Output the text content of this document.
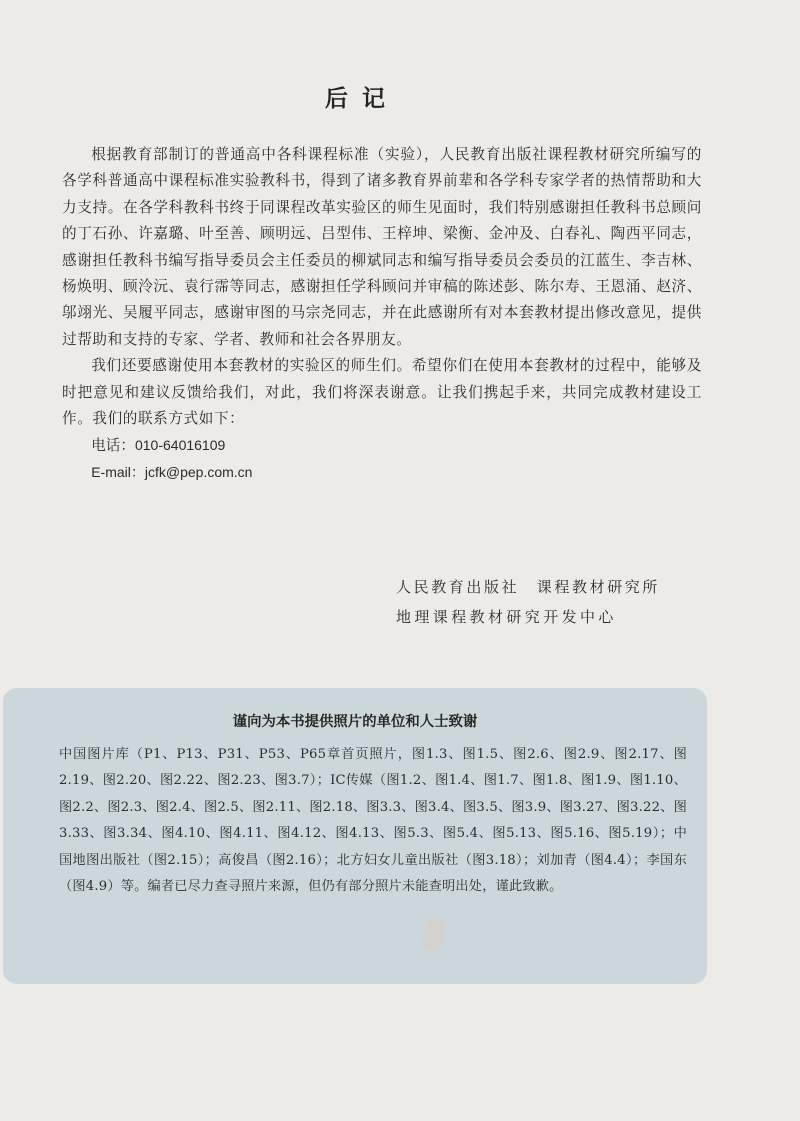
后记

根据教育部制订的普通高中各科课程标准（实验），人民教育出版社课程教材研究所编写的各学科普通高中课程标准实验教科书，得到了诸多教育界前辈和各学科专家学者的热情帮助和大力支持。在各学科教科书终于同课程改革实验区的师生见面时，我们特别感谢担任教科书总顾问的丁石孙、许嘉璐、叶至善、顾明远、吕型伟、王梓坤、梁衡、金冲及、白春礼、陶西平同志，感谢担任教科书编写指导委员会主任委员的柳斌同志和编写指导委员会委员的江蓝生、李吉林、杨焕明、顾泠沅、袁行霈等同志，感谢担任学科顾问并审稿的陈述彭、陈尔寿、王恩涌、赵济、邬翊光、吴履平同志，感谢审图的马宗尧同志，并在此感谢所有对本套教材提出修改意见，提供过帮助和支持的专家、学者、教师和社会各界朋友。

我们还要感谢使用本套教材的实验区的师生们。希望你们在使用本套教材的过程中，能够及时把意见和建议反馈给我们，对此，我们将深表谢意。让我们携起手来，共同完成教材建设工作。我们的联系方式如下：

电话：010-64016109

E-mail：jcfk@pep.com.cn

人民教育出版社　课程教材研究所
地理课程教材研究开发中心
谨向为本书提供照片的单位和人士致谢

中国图片库（P1、P13、P31、P53、P65章首页照片，图1.3、图1.5、图2.6、图2.9、图2.17、图2.19、图2.20、图2.22、图2.23、图3.7）；IC传媒（图1.2、图1.4、图1.7、图1.8、图1.9、图1.10、图2.2、图2.3、图2.4、图2.5、图2.11、图2.18、图3.3、图3.4、图3.5、图3.9、图3.27、图3.22、图3.33、图3.34、图4.10、图4.11、图4.12、图4.13、图5.3、图5.4、图5.13、图5.16、图5.19）；中国地图出版社（图2.15）；高俊昌（图2.16）；北方妇女儿童出版社（图3.18）；刘加青（图4.4）；李国东（图4.9）等。编者已尽力查寻照片来源，但仍有部分照片未能查明出处，谨此致歉。
